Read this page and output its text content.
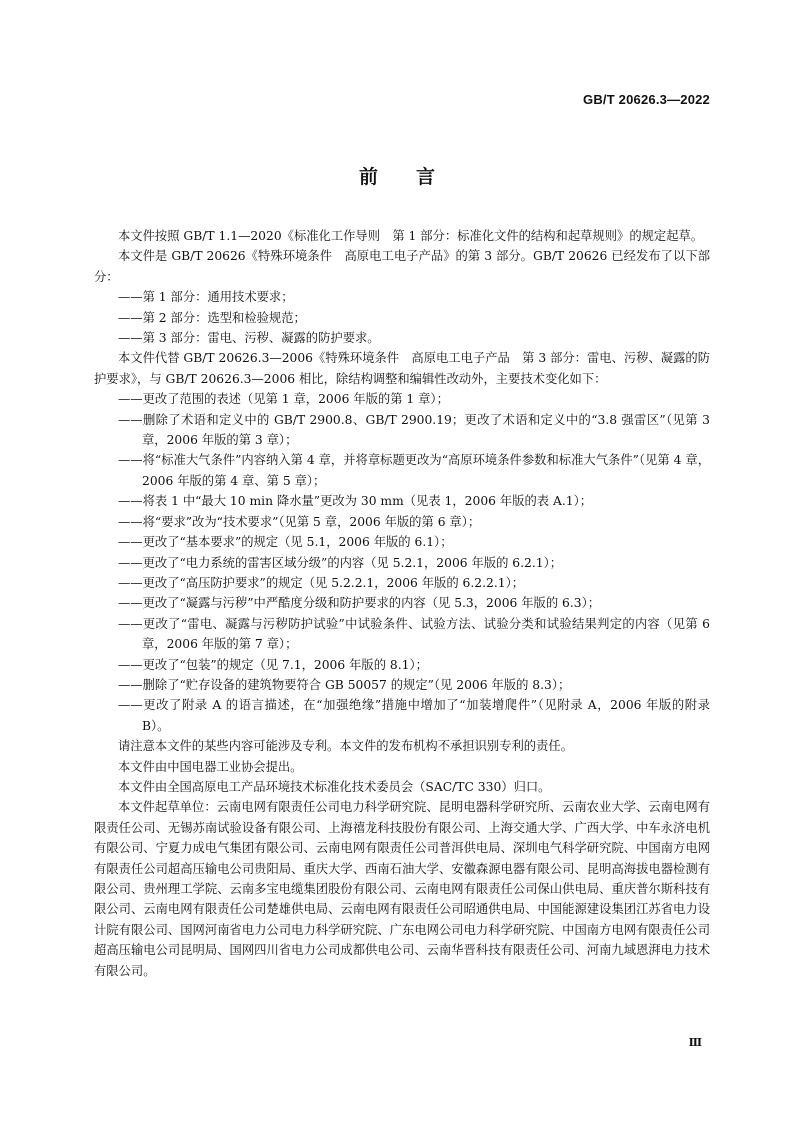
GB/T 20626.3—2022
前言

本文件按照 GB/T 1.1—2020《标准化工作导则　第 1 部分：标准化文件的结构和起草规则》的规定起草。

本文件是 GB/T 20626《特殊环境条件　高原电工电子产品》的第 3 部分。GB/T 20626 已经发布了以下部分：

——第 1 部分：通用技术要求；

——第 2 部分：选型和检验规范；

——第 3 部分：雷电、污秽、凝露的防护要求。

本文件代替 GB/T 20626.3—2006《特殊环境条件　高原电工电子产品　第 3 部分：雷电、污秽、凝露的防护要求》，与 GB/T 20626.3—2006 相比，除结构调整和编辑性改动外，主要技术变化如下：

——更改了范围的表述（见第 1 章，2006 年版的第 1 章）；

——删除了术语和定义中的 GB/T 2900.8、GB/T 2900.19；更改了术语和定义中的“3.8 强雷区”（见第 3 章，2006 年版的第 3 章）；

——将“标准大气条件”内容纳入第 4 章，并将章标题更改为“高原环境条件参数和标准大气条件”（见第 4 章，2006 年版的第 4 章、第 5 章）；

——将表 1 中“最大 10 min 降水量”更改为 30 mm（见表 1，2006 年版的表 A.1）；

——将“要求”改为“技术要求”（见第 5 章，2006 年版的第 6 章）；

——更改了“基本要求”的规定（见 5.1，2006 年版的 6.1）；

——更改了“电力系统的雷害区域分级”的内容（见 5.2.1，2006 年版的 6.2.1）；

——更改了“高压防护要求”的规定（见 5.2.2.1，2006 年版的 6.2.2.1）；

——更改了“凝露与污秽”中严酷度分级和防护要求的内容（见 5.3，2006 年版的 6.3）；

——更改了“雷电、凝露与污秽防护试验”中试验条件、试验方法、试验分类和试验结果判定的内容（见第 6 章，2006 年版的第 7 章）；

——更改了“包装”的规定（见 7.1，2006 年版的 8.1）；

——删除了“贮存设备的建筑物要符合 GB 50057 的规定”（见 2006 年版的 8.3）；

——更改了附录 A 的语言描述，在“加强绝缘”措施中增加了“加装增爬件”（见附录 A，2006 年版的附录 B）。

请注意本文件的某些内容可能涉及专利。本文件的发布机构不承担识别专利的责任。

本文件由中国电器工业协会提出。

本文件由全国高原电工产品环境技术标准化技术委员会（SAC/TC 330）归口。

本文件起草单位：云南电网有限责任公司电力科学研究院、昆明电器科学研究所、云南农业大学、云南电网有限责任公司、无锡苏南试验设备有限公司、上海禧龙科技股份有限公司、上海交通大学、广西大学、中车永济电机有限公司、宁夏力成电气集团有限公司、云南电网有限责任公司普洱供电局、深圳电气科学研究院、中国南方电网有限责任公司超高压输电公司贵阳局、重庆大学、西南石油大学、安徽森源电器有限公司、昆明高海拔电器检测有限公司、贵州理工学院、云南多宝电缆集团股份有限公司、云南电网有限责任公司保山供电局、重庆普尔斯科技有限公司、云南电网有限责任公司楚雄供电局、云南电网有限责任公司昭通供电局、中国能源建设集团江苏省电力设计院有限公司、国网河南省电力公司电力科学研究院、广东电网公司电力科学研究院、中国南方电网有限责任公司超高压输电公司昆明局、国网四川省电力公司成都供电公司、云南华晋科技有限责任公司、河南九域恩湃电力技术有限公司。

Ⅲ
